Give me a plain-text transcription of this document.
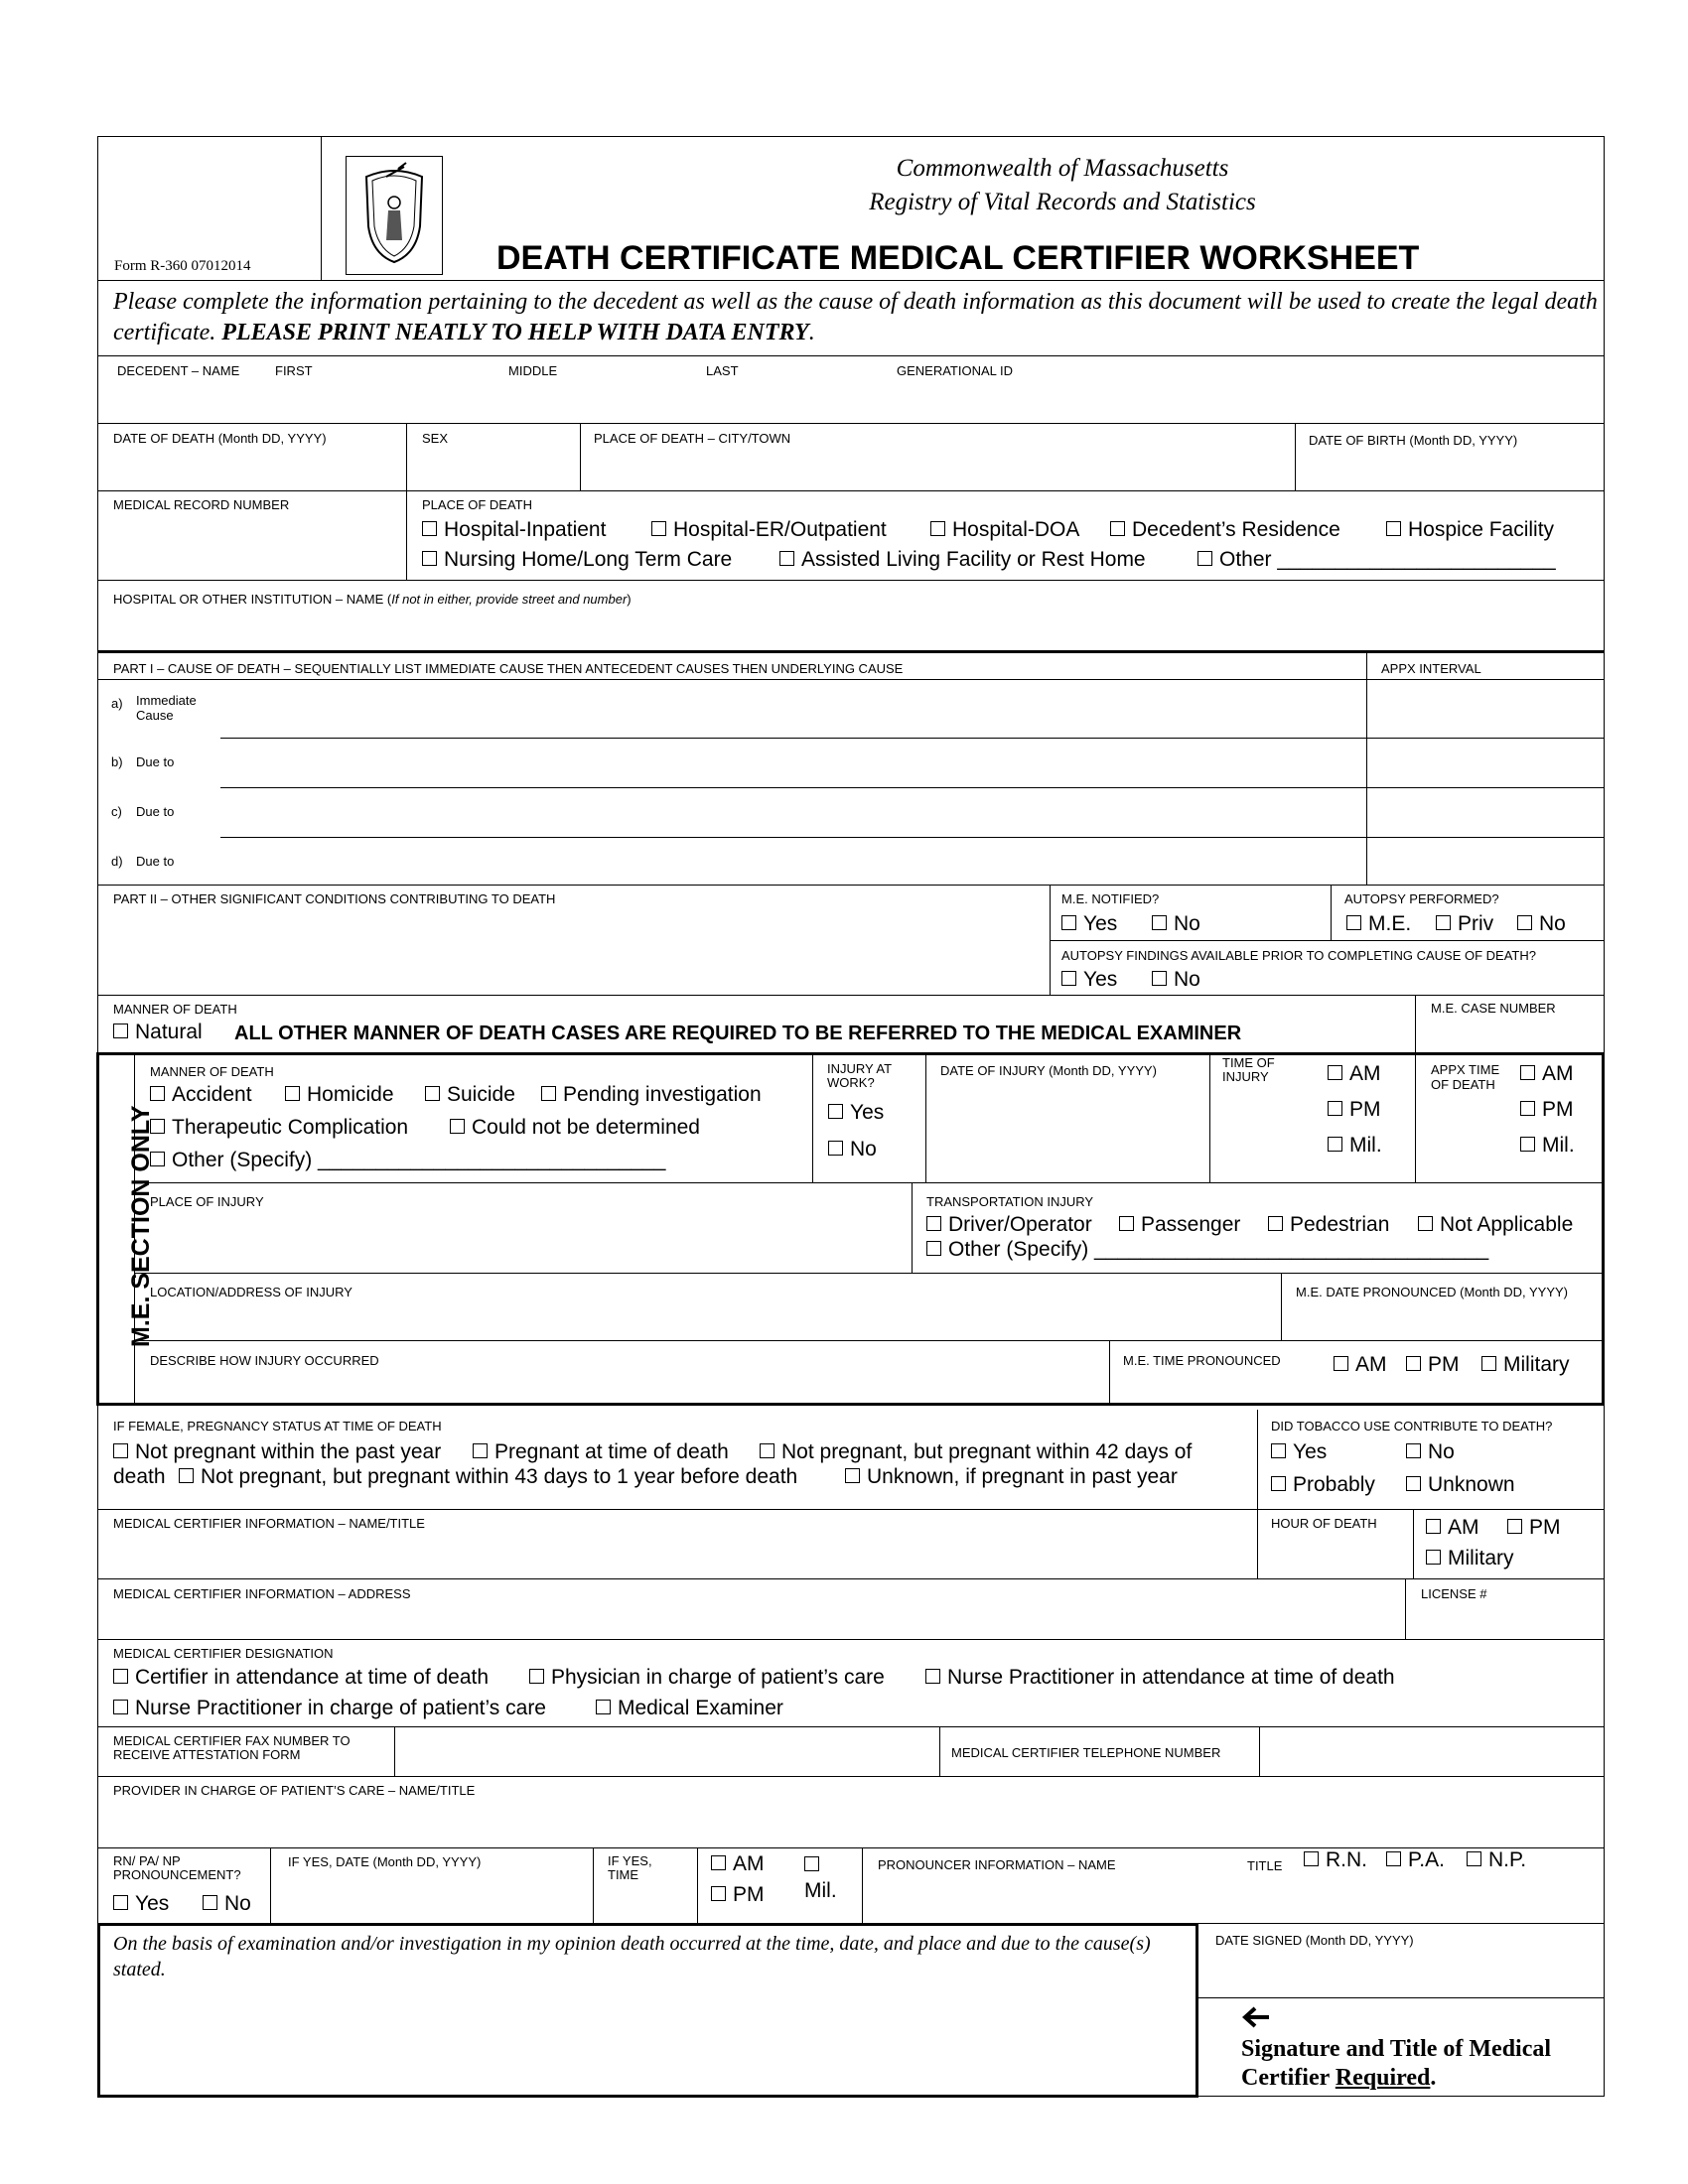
Form R-360 07012014
Commonwealth of Massachusetts
Registry of Vital Records and Statistics
DEATH CERTIFICATE MEDICAL CERTIFIER WORKSHEET
Please complete the information pertaining to the decedent as well as the cause of death information as this document will be used to create the legal death certificate. PLEASE PRINT NEATLY TO HELP WITH DATA ENTRY.
DECEDENT – NAME	FIRST	MIDDLE	LAST	GENERATIONAL ID
DATE OF DEATH (Month DD, YYYY)	SEX	PLACE OF DEATH – CITY/TOWN	DATE OF BIRTH (Month DD, YYYY)
MEDICAL RECORD NUMBER	PLACE OF DEATH
Hospital-Inpatient	Hospital-ER/Outpatient	Hospital-DOA	Decedent’s Residence	Hospice Facility
Nursing Home/Long Term Care	Assisted Living Facility or Rest Home	Other ________________________
HOSPITAL OR OTHER INSTITUTION – NAME (If not in either, provide street and number)
PART I – CAUSE OF DEATH – SEQUENTIALLY LIST IMMEDIATE CAUSE THEN ANTECEDENT CAUSES THEN UNDERLYING CAUSE	APPX INTERVAL
a) Immediate
Cause
b) Due to
c) Due to
d) Due to
PART II – OTHER SIGNIFICANT CONDITIONS CONTRIBUTING TO DEATH	M.E. NOTIFIED?
Yes	No
AUTOPSY PERFORMED?
M.E.	Priv	No
AUTOPSY FINDINGS AVAILABLE PRIOR TO COMPLETING CAUSE OF DEATH?
Yes	No
MANNER OF DEATH
Natural ALL OTHER MANNER OF DEATH CASES ARE REQUIRED TO BE REFERRED TO THE MEDICAL EXAMINER
M.E. CASE NUMBER
M.E. SECTION ONLY
MANNER OF DEATH
Accident	Homicide	Suicide	Pending investigation
Therapeutic Complication	Could not be determined
Other (Specify) ______________________________
INJURY AT WORK?
Yes
No
DATE OF INJURY (Month DD, YYYY)
TIME OF INJURY	AM
PM
Mil.
APPX TIME OF DEATH	AM
PM
Mil.
PLACE OF INJURY	TRANSPORTATION INJURY
Driver/Operator	Passenger	Pedestrian	Not Applicable
Other (Specify) __________________________________
LOCATION/ADDRESS OF INJURY	M.E. DATE PRONOUNCED (Month DD, YYYY)
DESCRIBE HOW INJURY OCCURRED	M.E. TIME PRONOUNCED	AM	PM	Military
IF FEMALE, PREGNANCY STATUS AT TIME OF DEATH
Not pregnant within the past year	Pregnant at time of death	Not pregnant, but pregnant within 42 days of
death	Not pregnant, but pregnant within 43 days to 1 year before death	Unknown, if pregnant in past year
DID TOBACCO USE CONTRIBUTE TO DEATH?
Yes	No
Probably	Unknown
MEDICAL CERTIFIER INFORMATION – NAME/TITLE	HOUR OF DEATH	AM	PM
Military
MEDICAL CERTIFIER INFORMATION – ADDRESS	LICENSE #
MEDICAL CERTIFIER DESIGNATION
Certifier in attendance at time of death	Physician in charge of patient’s care	Nurse Practitioner in attendance at time of death
Nurse Practitioner in charge of patient’s care	Medical Examiner
MEDICAL CERTIFIER FAX NUMBER TO
RECEIVE ATTESTATION FORM	MEDICAL CERTIFIER TELEPHONE NUMBER
PROVIDER IN CHARGE OF PATIENT’S CARE – NAME/TITLE
RN/ PA/ NP
PRONOUNCEMENT?
Yes	No
IF YES, DATE (Month DD, YYYY)	IF YES,
TIME	AM
PM Mil.
PRONOUNCER INFORMATION – NAME	TITLE	R.N.	P.A.	N.P.
On the basis of examination and/or investigation in my opinion death occurred at the time, date, and place and due to the cause(s) stated.
DATE SIGNED (Month DD, YYYY)
Signature and Title of Medical
Certifier Required.
